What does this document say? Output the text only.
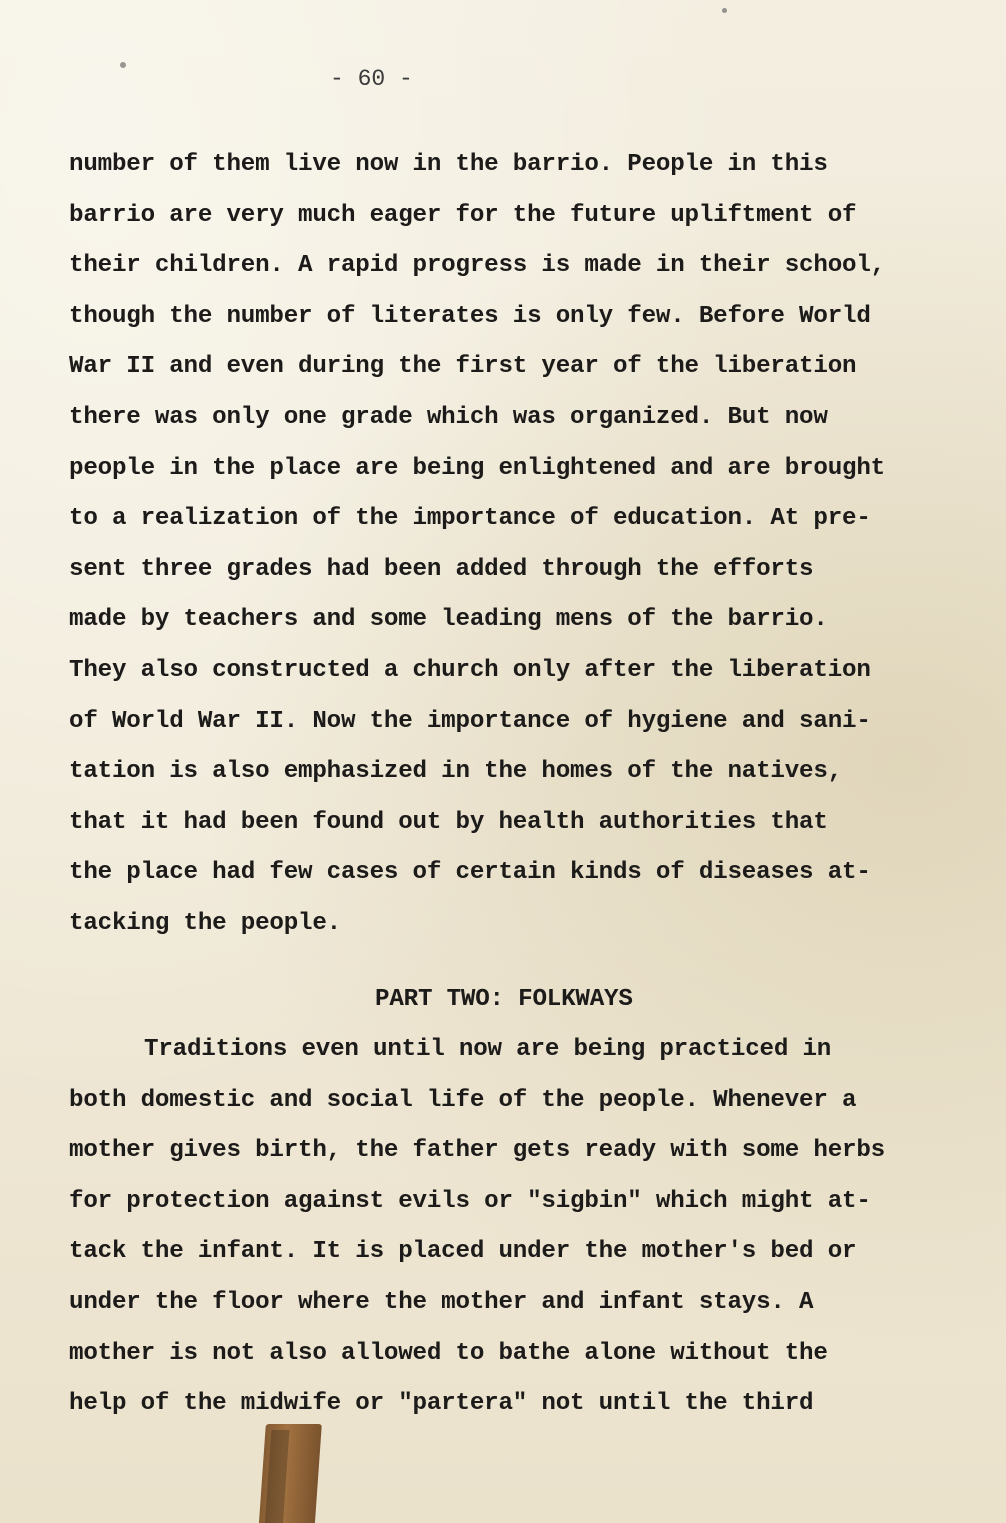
- 60 -
number of them live now in the barrio. People in this
barrio are very much eager for the future upliftment of
their children. A rapid progress is made in their school,
though the number of literates is only few. Before World
War II and even during the first year of the liberation
there was only one grade which was organized. But now
people in the place are being enlightened and are brought
to a realization of the importance of education. At pre-
sent three grades had been added through the efforts
made by teachers and some leading mens of the barrio.
They also constructed a church only after the liberation
of World War II. Now the importance of hygiene and sani-
tation is also emphasized in the homes of the natives,
that it had been found out by health authorities that
the place had few cases of certain kinds of diseases at-
tacking the people.
PART TWO: FOLKWAYS
Traditions even until now are being practiced in
both domestic and social life of the people. Whenever a
mother gives birth, the father gets ready with some herbs
for protection against evils or "sigbin" which might at-
tack the infant. It is placed under the mother's bed or
under the floor where the mother and infant stays. A
mother is not also allowed to bathe alone without the
help of the midwife or "partera" not until the third
